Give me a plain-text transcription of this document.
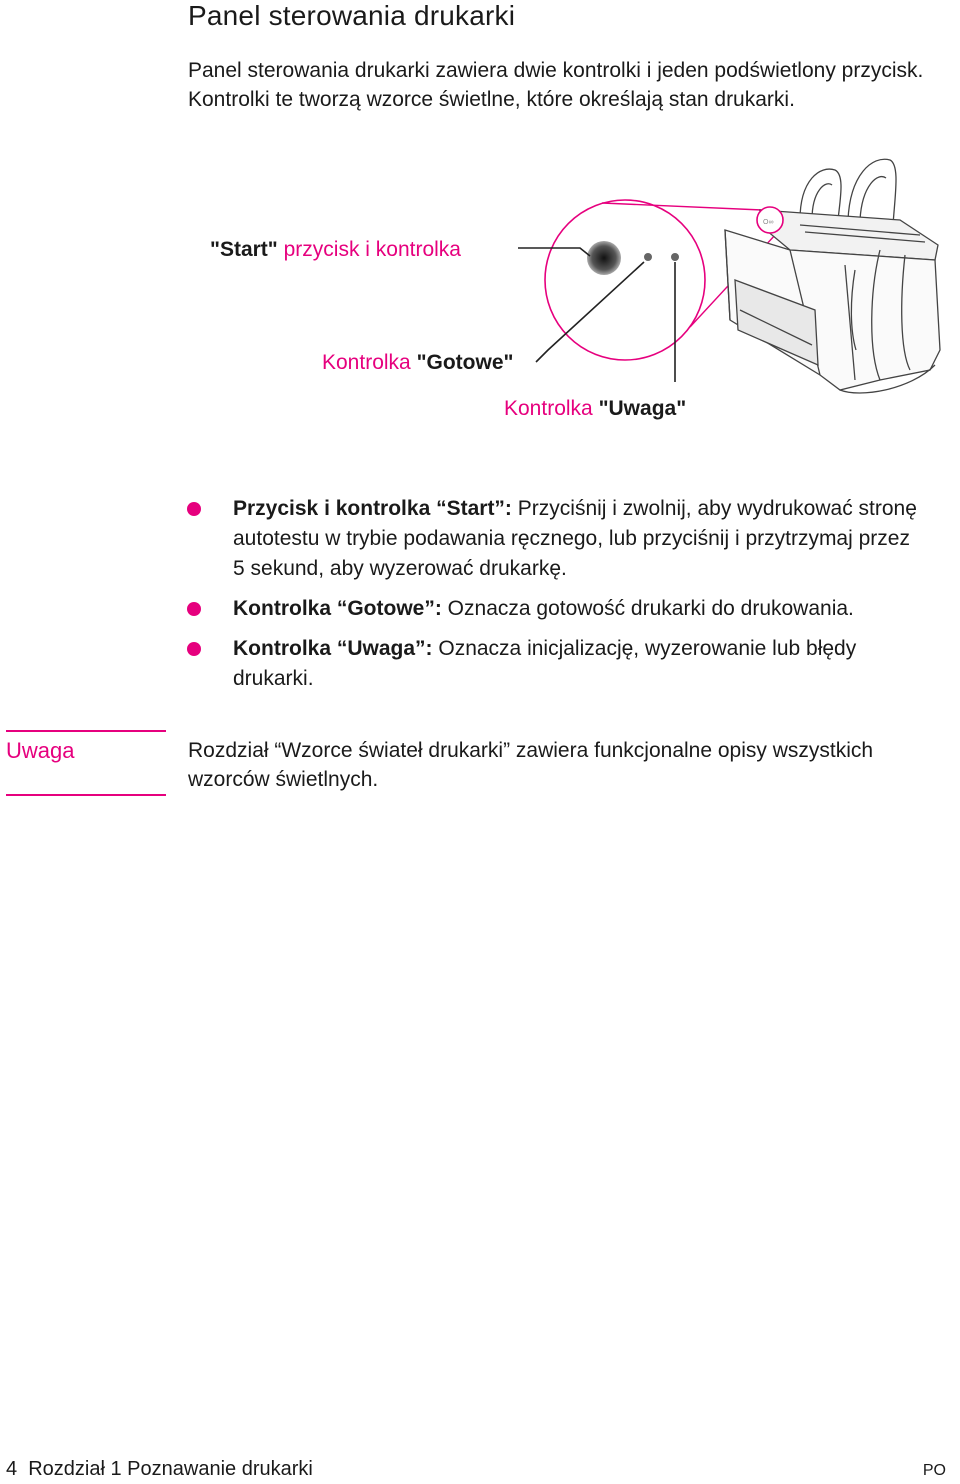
Panel sterowania drukarki
Panel sterowania drukarki zawiera dwie kontrolki i jeden podświetlony przycisk. Kontrolki te tworzą wzorce świetlne, które określają stan drukarki.
O∞
"Start" przycisk i kontrolka
Kontrolka "Gotowe"
Kontrolka "Uwaga"
Przycisk i kontrolka “Start”: Przyciśnij i zwolnij, aby wydrukować stronę autotestu w trybie podawania ręcznego, lub przyciśnij i przytrzymaj przez 5 sekund, aby wyzerować drukarkę.
Kontrolka “Gotowe”: Oznacza gotowość drukarki do drukowania.
Kontrolka “Uwaga”: Oznacza inicjalizację, wyzerowanie lub błędy drukarki.
Uwaga	Rozdział “Wzorce świateł drukarki” zawiera funkcjonalne opisy wszystkich wzorców świetlnych.
4  Rozdział 1 Poznawanie drukarki	PO
